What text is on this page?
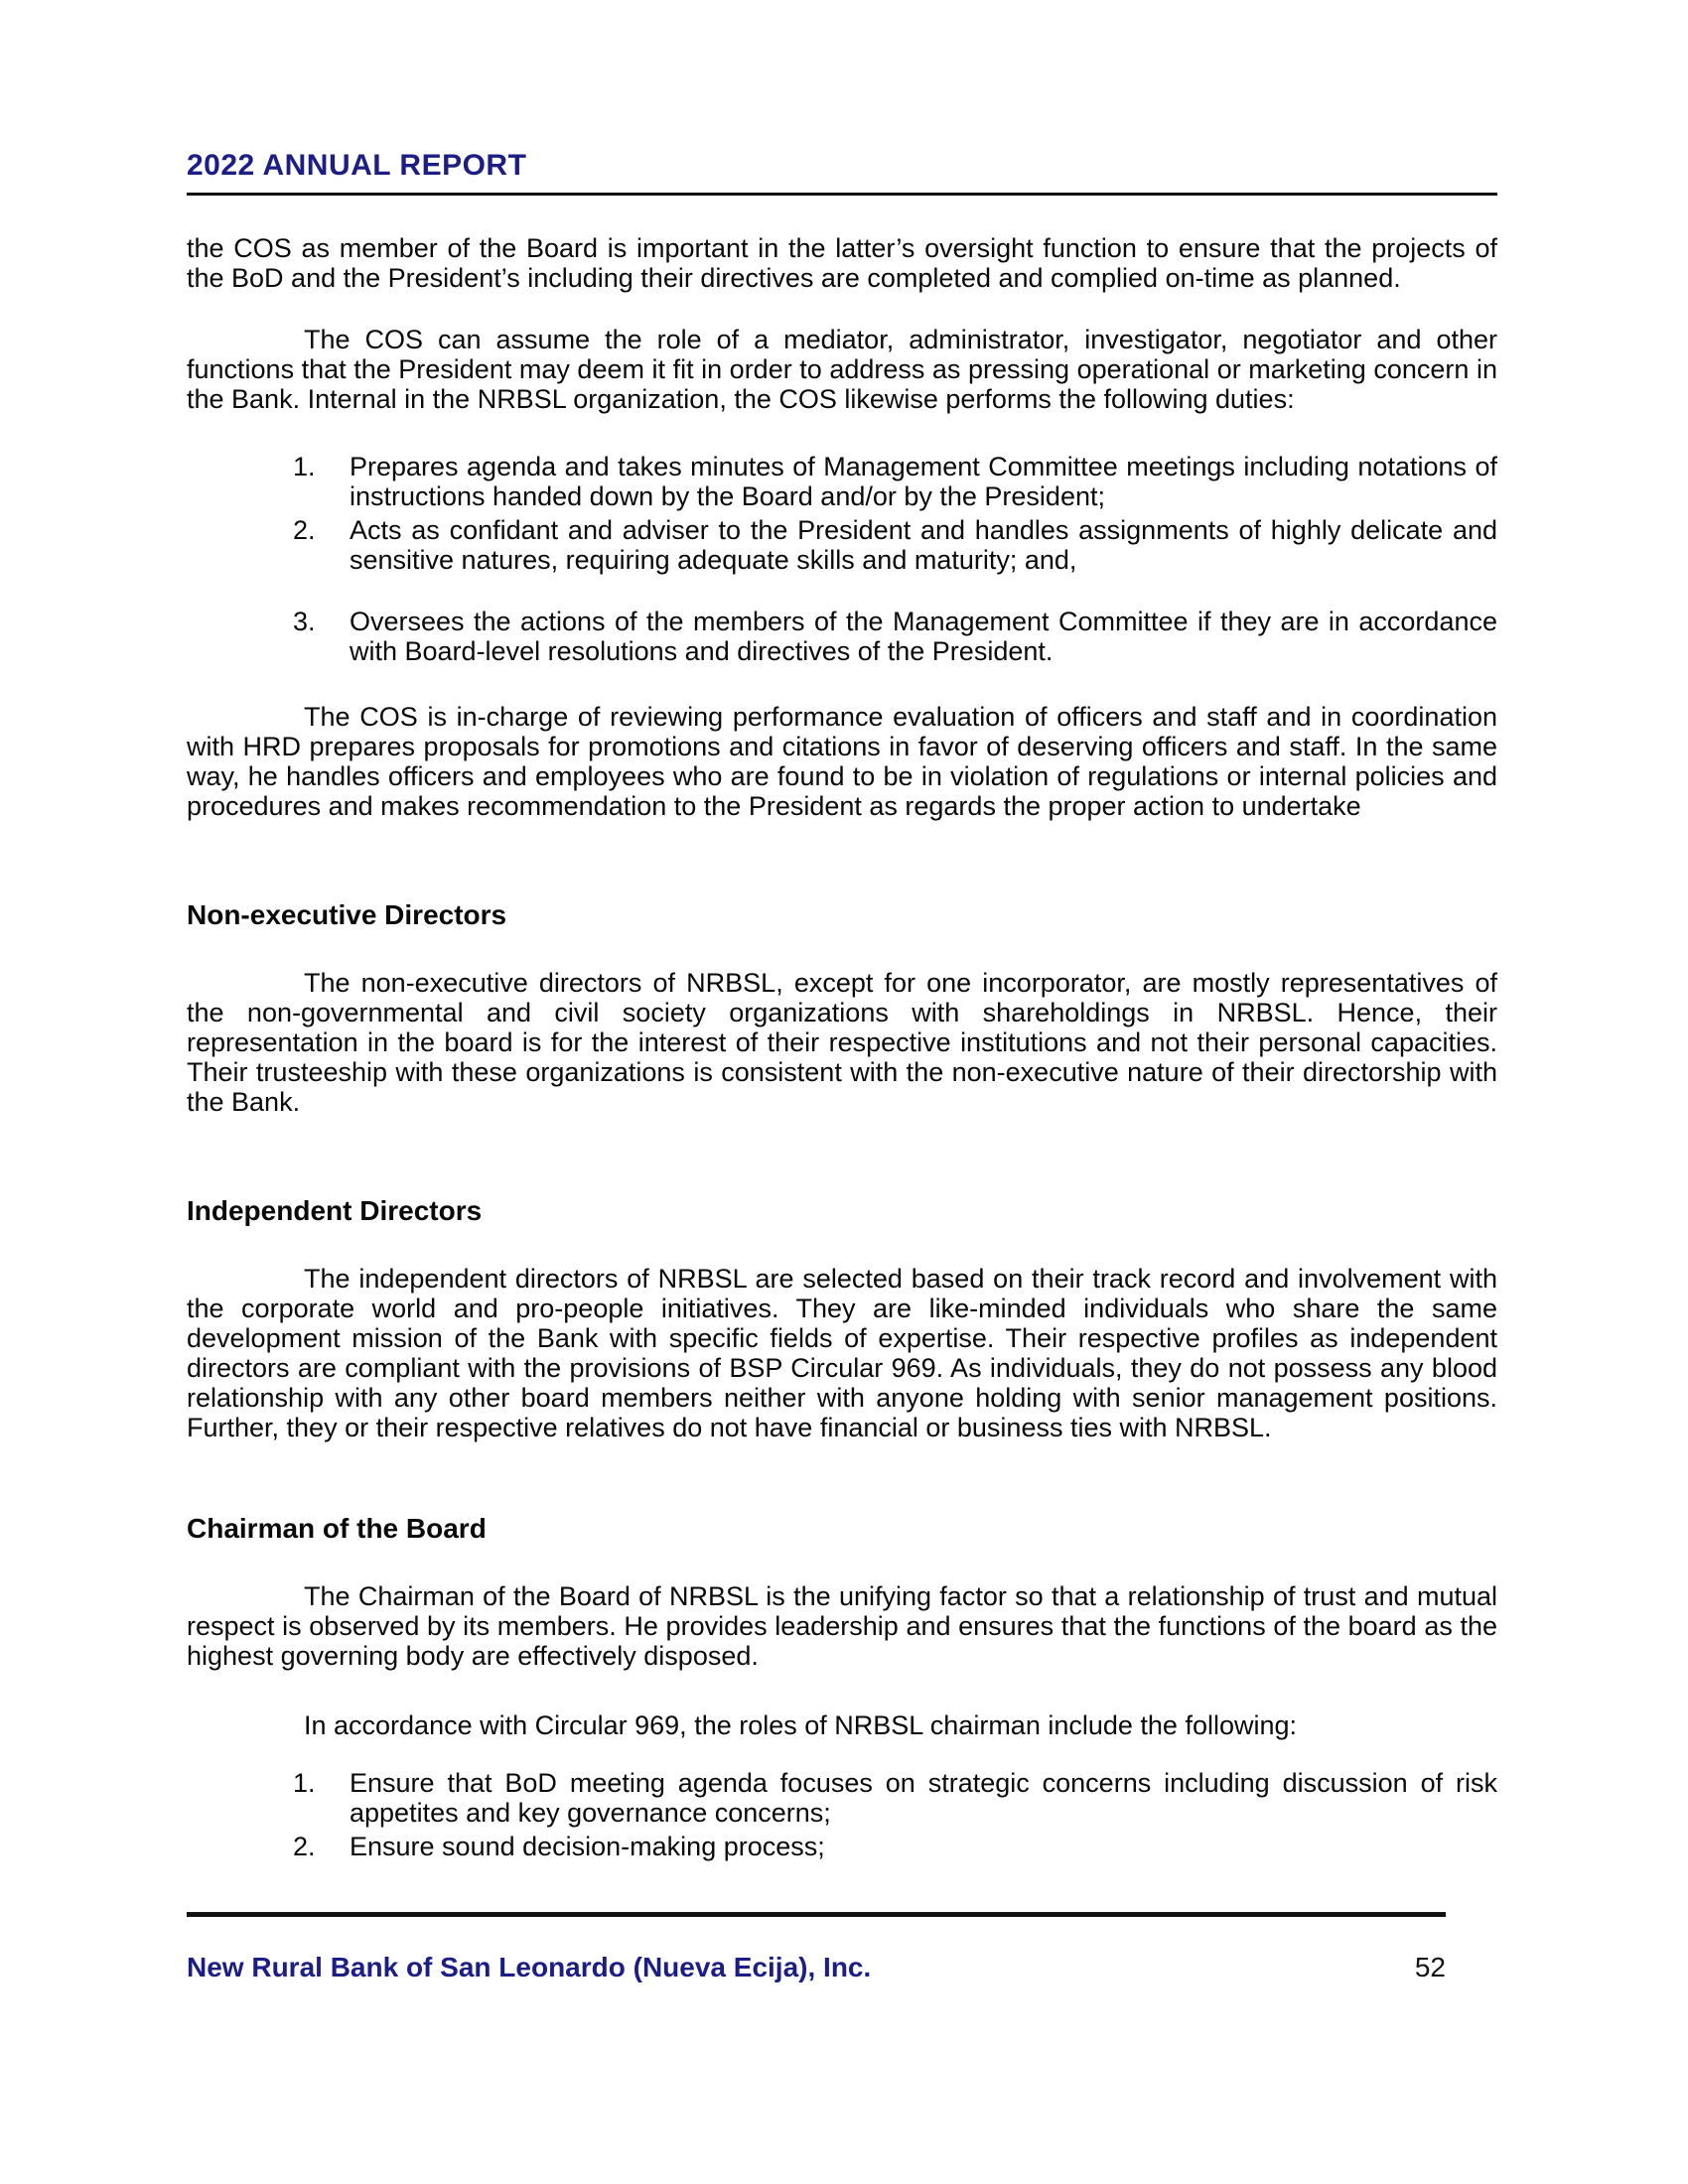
2022 ANNUAL REPORT

the COS as member of the Board is important in the latter’s oversight function to ensure that the projects of the BoD and the President’s including their directives are completed and complied on-time as planned.

The COS can assume the role of a mediator, administrator, investigator, negotiator and other functions that the President may deem it fit in order to address as pressing operational or marketing concern in the Bank. Internal in the NRBSL organization, the COS likewise performs the following duties:

1.	Prepares agenda and takes minutes of Management Committee meetings including notations of instructions handed down by the Board and/or by the President;
2.	Acts as confidant and adviser to the President and handles assignments of highly delicate and sensitive natures, requiring adequate skills and maturity; and,
3.	Oversees the actions of the members of the Management Committee if they are in accordance with Board-level resolutions and directives of the President.

The COS is in-charge of reviewing performance evaluation of officers and staff and in coordination with HRD prepares proposals for promotions and citations in favor of deserving officers and staff. In the same way, he handles officers and employees who are found to be in violation of regulations or internal policies and procedures and makes recommendation to the President as regards the proper action to undertake

Non-executive Directors

The non-executive directors of NRBSL, except for one incorporator, are mostly representatives of the non-governmental and civil society organizations with shareholdings in NRBSL. Hence, their representation in the board is for the interest of their respective institutions and not their personal capacities. Their trusteeship with these organizations is consistent with the non-executive nature of their directorship with the Bank.

Independent Directors

The independent directors of NRBSL are selected based on their track record and involvement with the corporate world and pro-people initiatives. They are like-minded individuals who share the same development mission of the Bank with specific fields of expertise. Their respective profiles as independent directors are compliant with the provisions of BSP Circular 969. As individuals, they do not possess any blood relationship with any other board members neither with anyone holding with senior management positions. Further, they or their respective relatives do not have financial or business ties with NRBSL.

Chairman of the Board

The Chairman of the Board of NRBSL is the unifying factor so that a relationship of trust and mutual respect is observed by its members. He provides leadership and ensures that the functions of the board as the highest governing body are effectively disposed.

In accordance with Circular 969, the roles of NRBSL chairman include the following:

1.	Ensure that BoD meeting agenda focuses on strategic concerns including discussion of risk appetites and key governance concerns;
2.	Ensure sound decision-making process;
New Rural Bank of San Leonardo (Nueva Ecija), Inc.	52
